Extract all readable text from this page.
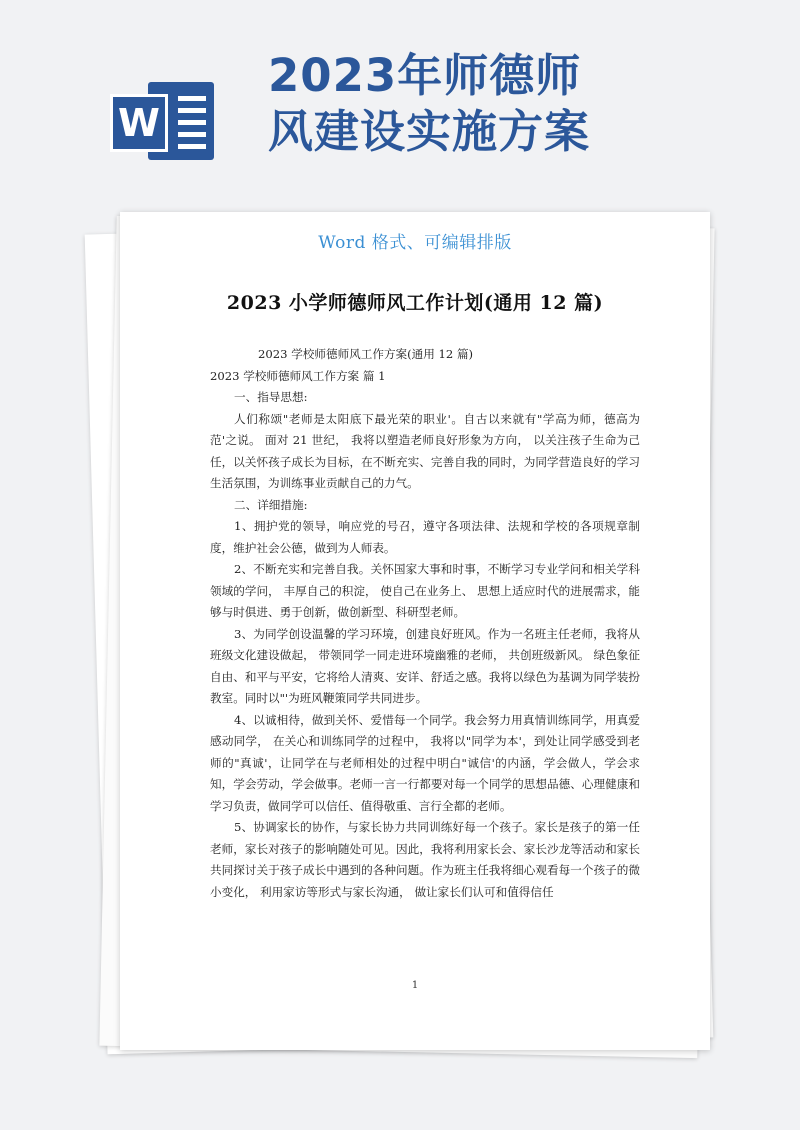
W
2023年师德师
风建设实施方案
Word 格式、可编辑排版
2023 小学师德师风工作计划(通用 12 篇)

2023 学校师德师风工作方案(通用 12 篇)

2023 学校师德师风工作方案 篇 1

一、指导思想:

人们称颂"老师是太阳底下最光荣的职业'。自古以来就有"学高为师，德高为范'之说。 面对 21 世纪， 我将以塑造老师良好形象为方向， 以关注孩子生命为己任，以关怀孩子成长为目标，在不断充实、完善自我的同时，为同学营造良好的学习生活氛围，为训练事业贡献自己的力气。

二、详细措施:

1、拥护党的领导，响应党的号召，遵守各项法律、法规和学校的各项规章制度，维护社会公德，做到为人师表。

2、不断充实和完善自我。关怀国家大事和时事，不断学习专业学问和相关学科领域的学问， 丰厚自己的积淀， 使自己在业务上、 思想上适应时代的进展需求，能够与时俱进、勇于创新，做创新型、科研型老师。

3、为同学创设温馨的学习环境，创建良好班风。作为一名班主任老师，我将从班级文化建设做起， 带领同学一同走进环境幽雅的老师， 共创班级新风。 绿色象征自由、和平与平安，它将给人清爽、安详、舒适之感。我将以绿色为基调为同学装扮教室。同时以"'为班风鞭策同学共同进步。

4、以诚相待，做到关怀、爱惜每一个同学。我会努力用真情训练同学，用真爱感动同学， 在关心和训练同学的过程中， 我将以"同学为本'，到处让同学感受到老师的"真诚'，让同学在与老师相处的过程中明白"诚信'的内涵，学会做人，学会求知，学会劳动，学会做事。老师一言一行都要对每一个同学的思想品德、心理健康和学习负责，做同学可以信任、值得敬重、言行全都的老师。

5、协调家长的协作，与家长协力共同训练好每一个孩子。家长是孩子的第一任老师，家长对孩子的影响随处可见。因此，我将利用家长会、家长沙龙等活动和家长共同探讨关于孩子成长中遇到的各种问题。作为班主任我将细心观看每一个孩子的微小变化， 利用家访等形式与家长沟通， 做让家长们认可和值得信任

1
